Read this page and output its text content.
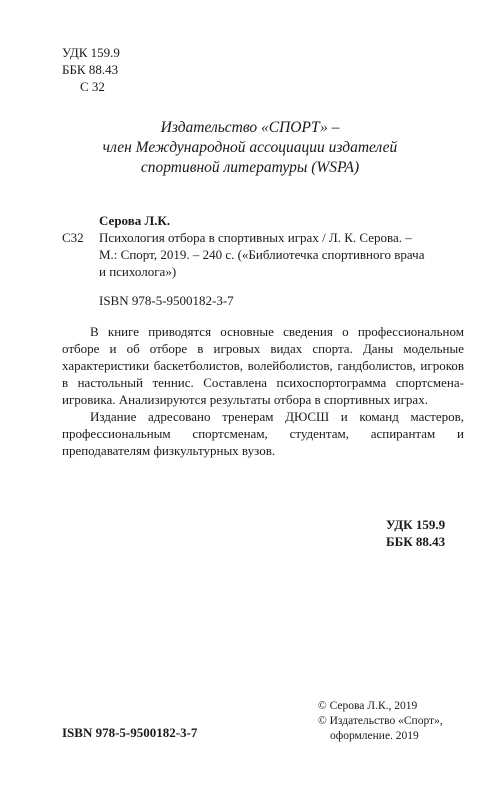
УДК 159.9
ББК 88.43
С 32
Издательство «СПОРТ» –
член Международной ассоциации издателей
спортивной литературы (WSPA)
Серова Л.К.
С32	Психология отбора в спортивных играх / Л. К. Серова. –
М.: Спорт, 2019. – 240 с. («Библиотечка спортивного врача
и психолога»)
ISBN 978-5-9500182-3-7

В книге приводятся основные сведения о профессиональном отборе и об отборе в игровых видах спорта. Даны модельные характеристики баскетболистов, волейболистов, гандболистов, игроков в настольный теннис. Составлена психоспортограмма спортсмена-игровика. Анализируются результаты отбора в спортивных играх.

Издание адресовано тренерам ДЮСШ и команд мастеров, профессиональным спортсменам, студентам, аспирантам и преподавателям физкультурных вузов.

УДК 159.9
ББК 88.43
© Серова Л.К., 2019
© Издательство «Спорт»,
оформление. 2019
ISBN 978-5-9500182-3-7
